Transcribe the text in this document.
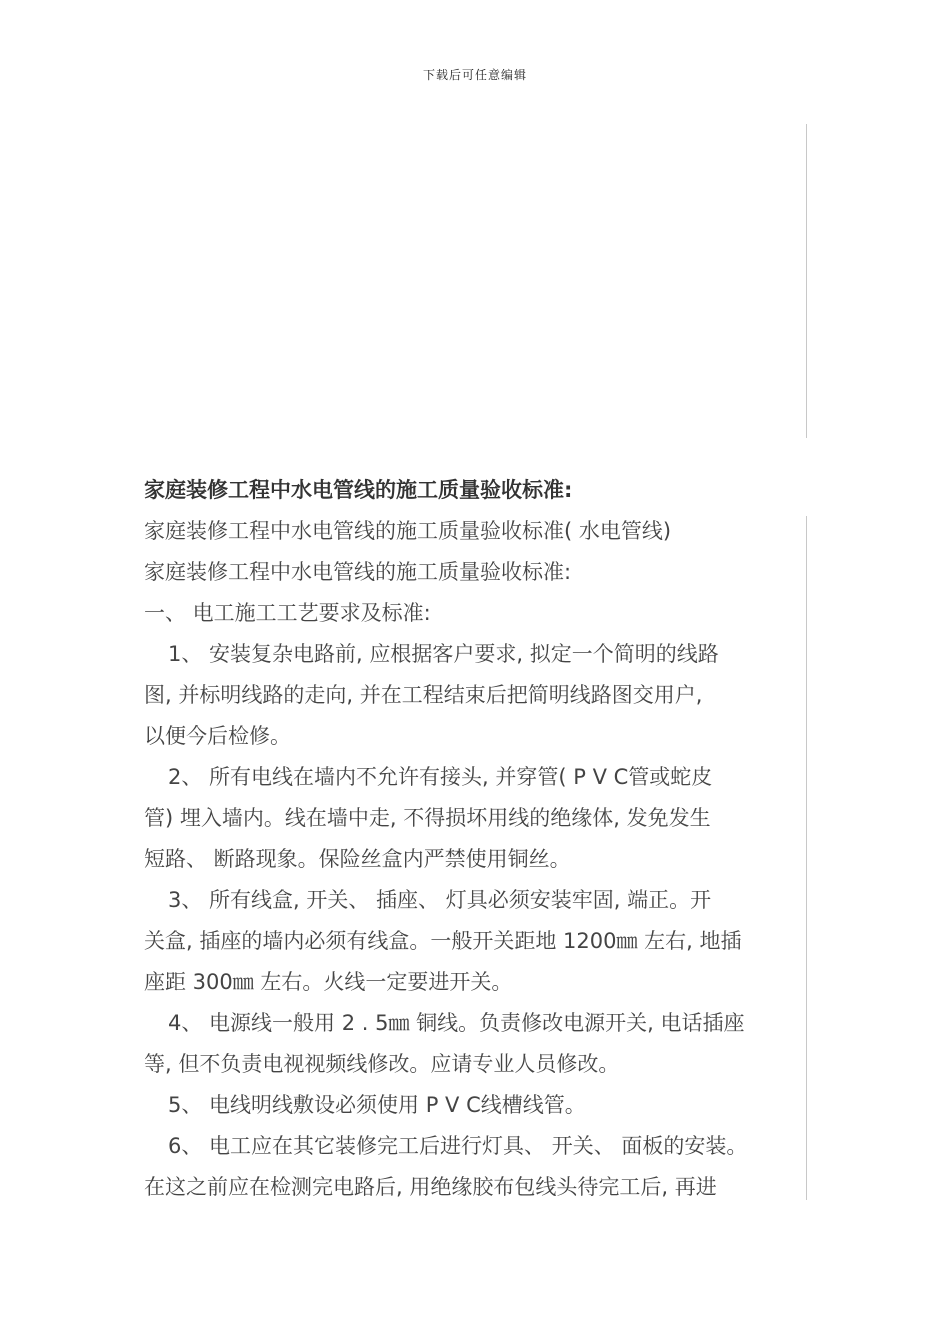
下载后可任意编辑
家庭装修工程中水电管线的施工质量验收标准:
家庭装修工程中水电管线的施工质量验收标准( 水电管线)
家庭装修工程中水电管线的施工质量验收标准:
一、 电工施工工艺要求及标准:
1、 安装复杂电路前, 应根据客户要求, 拟定一个简明的线路
图, 并标明线路的走向, 并在工程结束后把简明线路图交用户,
以便今后检修。
2、 所有电线在墙内不允许有接头, 并穿管( P V C管或蛇皮
管) 埋入墙内。线在墙中走, 不得损坏用线的绝缘体, 发免发生
短路、 断路现象。保险丝盒内严禁使用铜丝。
3、 所有线盒, 开关、 插座、 灯具必须安装牢固, 端正。开
关盒, 插座的墙内必须有线盒。一般开关距地 1200㎜ 左右, 地插
座距 300㎜ 左右。火线一定要进开关。
4、 电源线一般用 2 . 5㎜ 铜线。负责修改电源开关, 电话插座
等, 但不负责电视视频线修改。应请专业人员修改。
5、 电线明线敷设必须使用 P V C线槽线管。
6、 电工应在其它装修完工后进行灯具、 开关、 面板的安装。
在这之前应在检测完电路后, 用绝缘胶布包线头待完工后, 再进
